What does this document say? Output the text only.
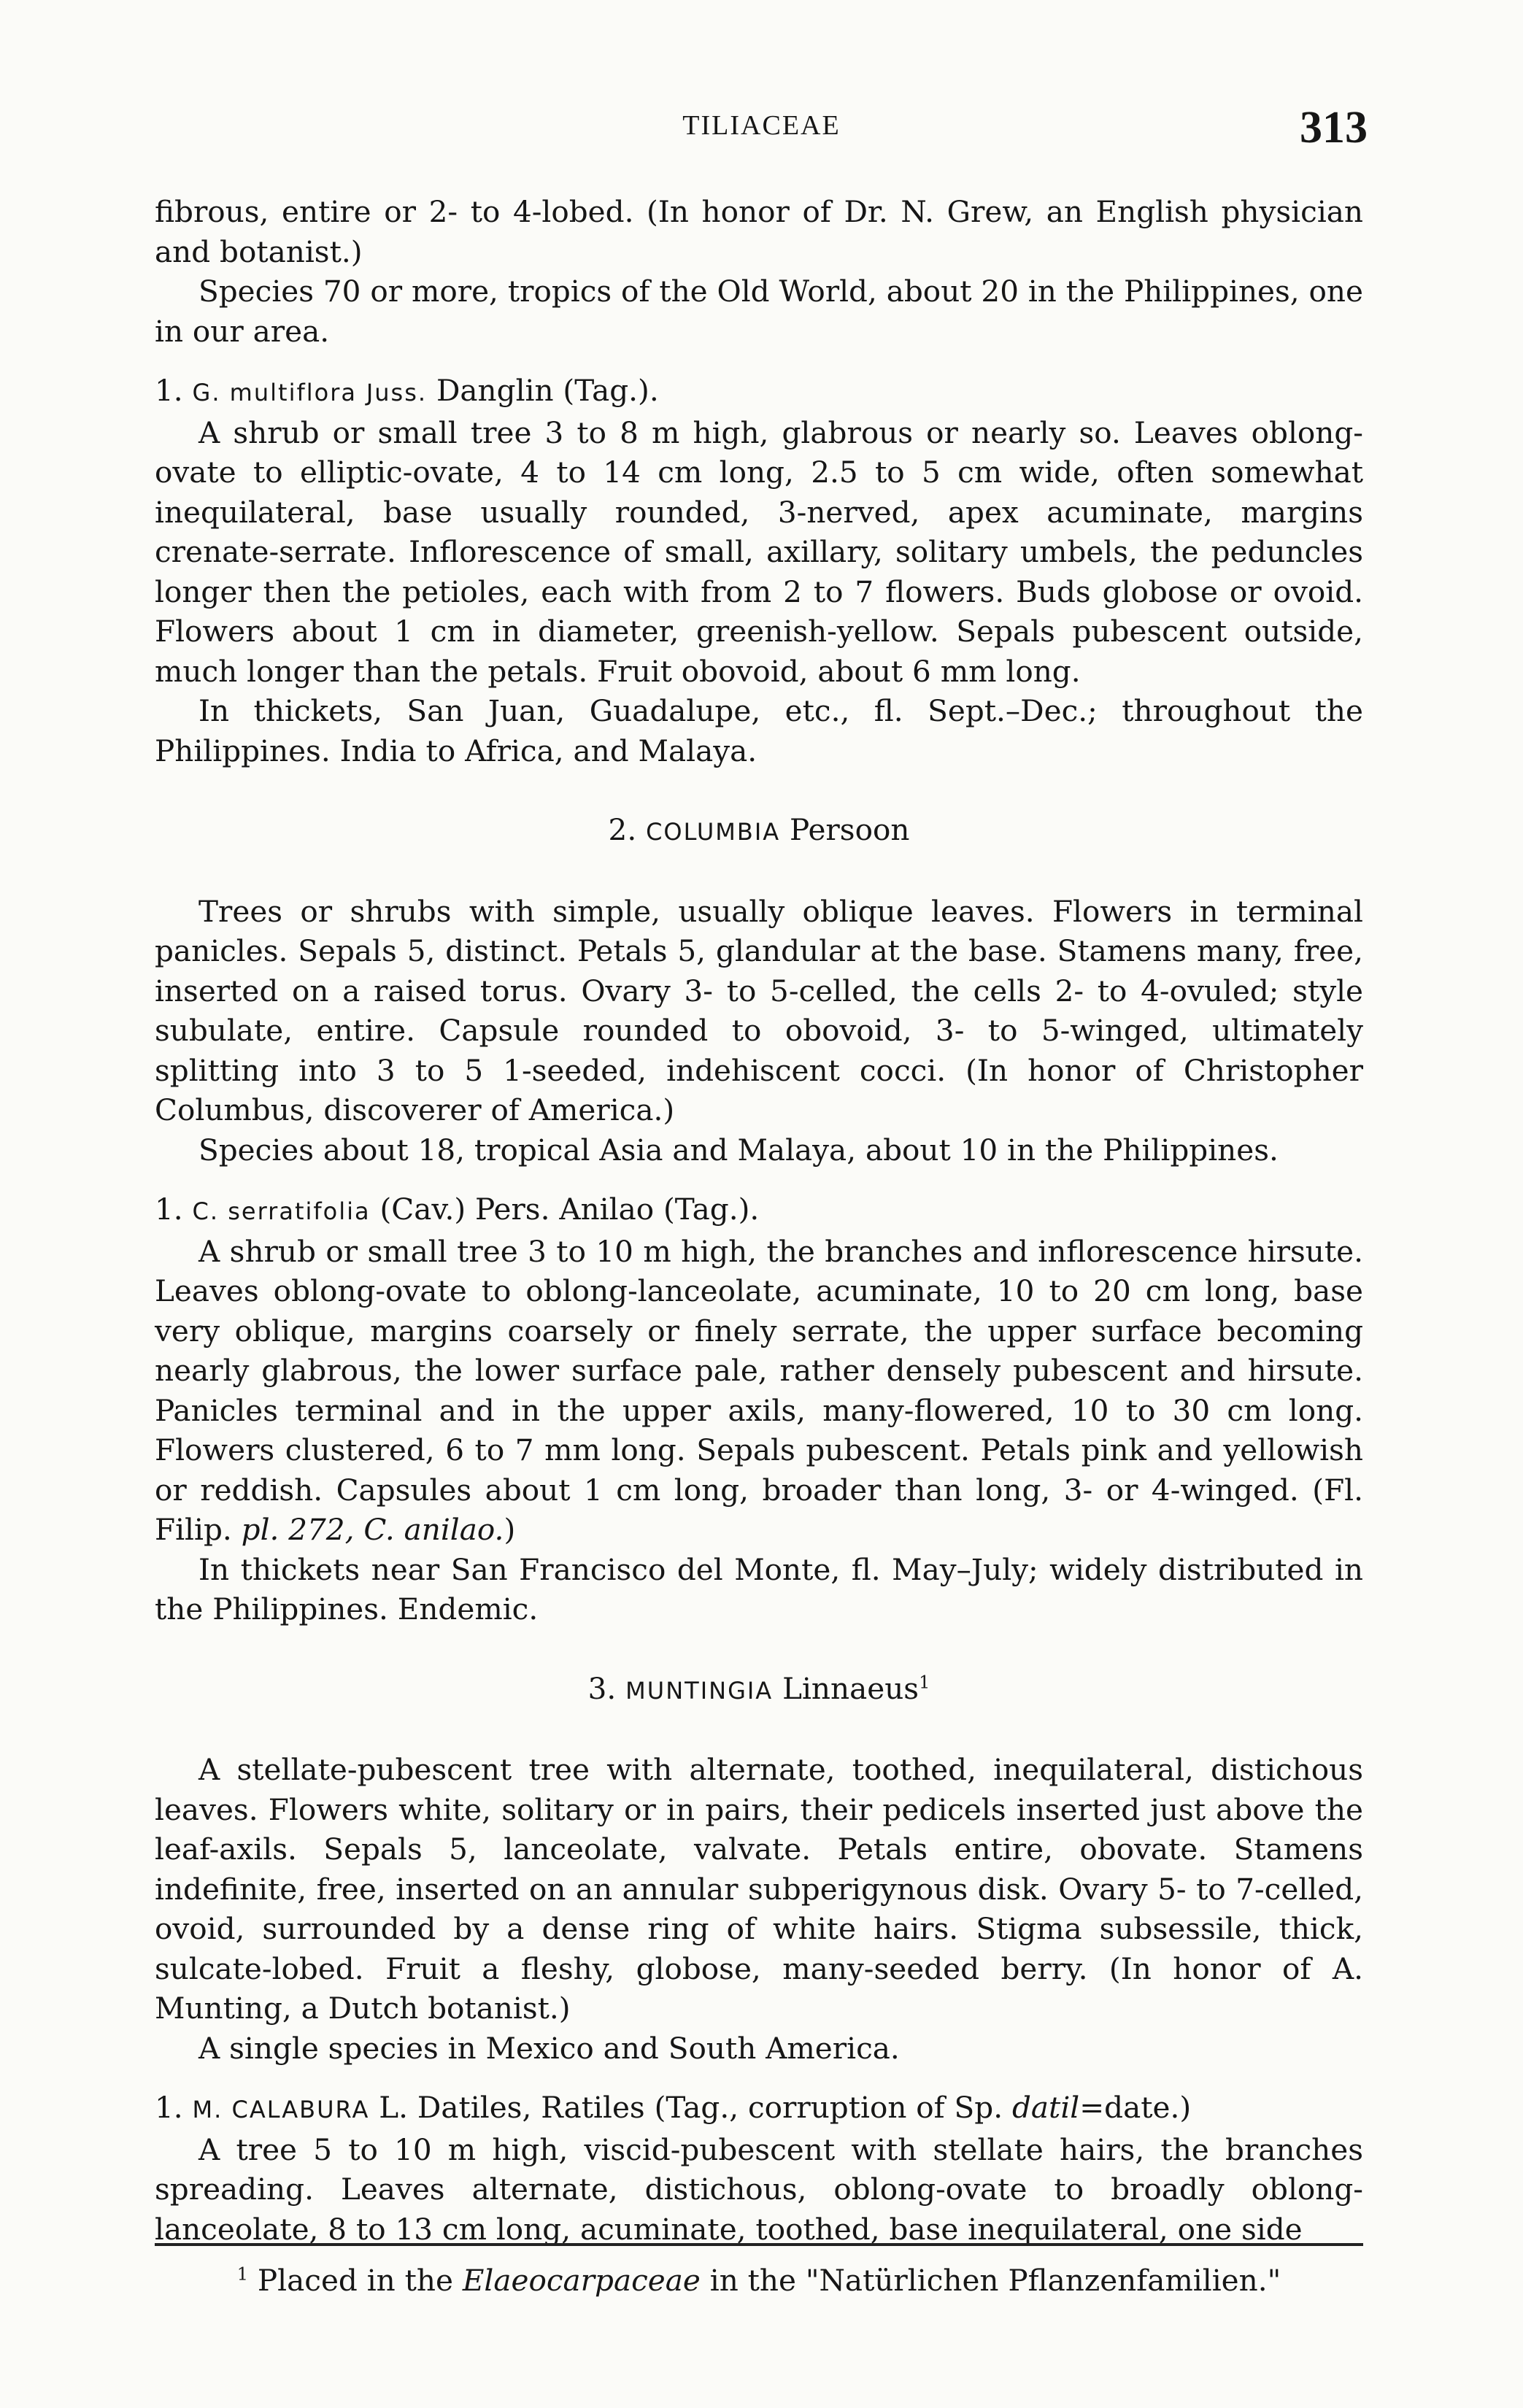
TILIACEAE	313

fibrous, entire or 2- to 4-lobed. (In honor of Dr. N. Grew, an English physician and botanist.)

Species 70 or more, tropics of the Old World, about 20 in the Philippines, one in our area.

1. G. multiflora Juss. Danglin (Tag.).

A shrub or small tree 3 to 8 m high, glabrous or nearly so. Leaves oblong-ovate to elliptic-ovate, 4 to 14 cm long, 2.5 to 5 cm wide, often somewhat inequilateral, base usually rounded, 3-nerved, apex acuminate, margins crenate-serrate. Inflorescence of small, axillary, solitary umbels, the peduncles longer then the petioles, each with from 2 to 7 flowers. Buds globose or ovoid. Flowers about 1 cm in diameter, greenish-yellow. Sepals pubescent outside, much longer than the petals. Fruit obovoid, about 6 mm long.

In thickets, San Juan, Guadalupe, etc., fl. Sept.–Dec.; throughout the Philippines. India to Africa, and Malaya.

2. COLUMBIA Persoon

Trees or shrubs with simple, usually oblique leaves. Flowers in terminal panicles. Sepals 5, distinct. Petals 5, glandular at the base. Stamens many, free, inserted on a raised torus. Ovary 3- to 5-celled, the cells 2- to 4-ovuled; style subulate, entire. Capsule rounded to obovoid, 3- to 5-winged, ultimately splitting into 3 to 5 1-seeded, indehiscent cocci. (In honor of Christopher Columbus, discoverer of America.)

Species about 18, tropical Asia and Malaya, about 10 in the Philippines.

1. C. serratifolia (Cav.) Pers. Anilao (Tag.).

A shrub or small tree 3 to 10 m high, the branches and inflorescence hirsute. Leaves oblong-ovate to oblong-lanceolate, acuminate, 10 to 20 cm long, base very oblique, margins coarsely or finely serrate, the upper surface becoming nearly glabrous, the lower surface pale, rather densely pubescent and hirsute. Panicles terminal and in the upper axils, many-flowered, 10 to 30 cm long. Flowers clustered, 6 to 7 mm long. Sepals pubescent. Petals pink and yellowish or reddish. Capsules about 1 cm long, broader than long, 3- or 4-winged. (Fl. Filip. pl. 272, C. anilao.)

In thickets near San Francisco del Monte, fl. May–July; widely distributed in the Philippines. Endemic.

3. MUNTINGIA Linnaeus$^1$

A stellate-pubescent tree with alternate, toothed, inequilateral, distichous leaves. Flowers white, solitary or in pairs, their pedicels inserted just above the leaf-axils. Sepals 5, lanceolate, valvate. Petals entire, obovate. Stamens indefinite, free, inserted on an annular subperigynous disk. Ovary 5- to 7-celled, ovoid, surrounded by a dense ring of white hairs. Stigma subsessile, thick, sulcate-lobed. Fruit a fleshy, globose, many-seeded berry. (In honor of A. Munting, a Dutch botanist.)

A single species in Mexico and South America.

1. M. CALABURA L. Datiles, Ratiles (Tag., corruption of Sp. datil=date.)

A tree 5 to 10 m high, viscid-pubescent with stellate hairs, the branches spreading. Leaves alternate, distichous, oblong-ovate to broadly oblong-lanceolate, 8 to 13 cm long, acuminate, toothed, base inequilateral, one side

$^1$ Placed in the Elaeocarpaceae in the "Natürlichen Pflanzenfamilien."
